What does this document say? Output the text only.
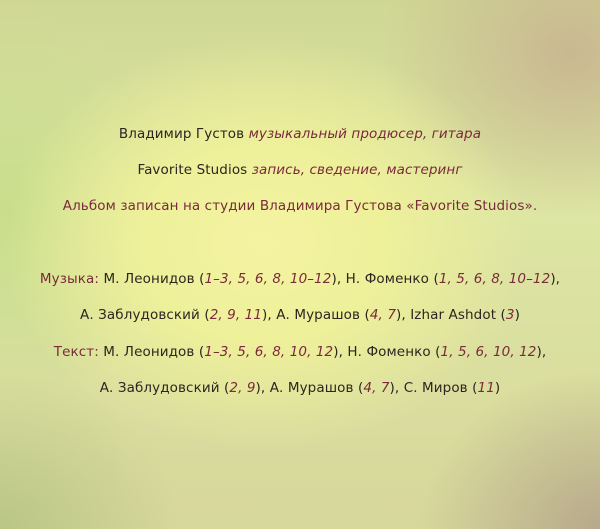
Владимир Густов музыкальный продюсер, гитара
Favorite Studios запись, сведение, мастеринг
Альбом записан на студии Владимира Густова «Favorite Studios».
Музыка: М. Леонидов (1–3, 5, 6, 8, 10–12), Н. Фоменко (1, 5, 6, 8, 10–12),
А. Заблудовский (2, 9, 11), А. Мурашов (4, 7), Izhar Ashdot (3)
Текст: М. Леонидов (1–3, 5, 6, 8, 10, 12), Н. Фоменко (1, 5, 6, 10, 12),
А. Заблудовский (2, 9), А. Мурашов (4, 7), С. Миров (11)
